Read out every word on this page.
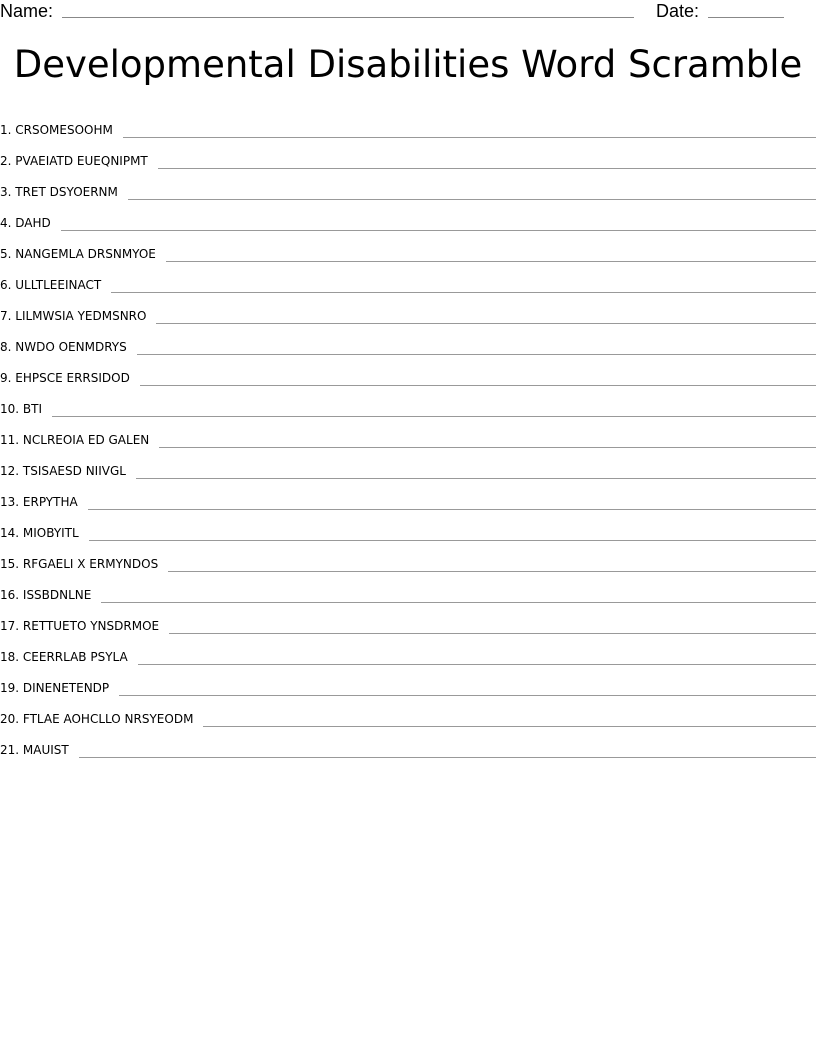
Name:	Date:
Developmental Disabilities Word Scramble
1. CRSOMESOOHM
2. PVAEIATD EUEQNIPMT
3. TRET DSYOERNM
4. DAHD
5. NANGEMLA DRSNMYOE
6. ULLTLEEINACT
7. LILMWSIA YEDMSNRO
8. NWDO OENMDRYS
9. EHPSCE ERRSIDOD
10. BTI
11. NCLREOIA ED GALEN
12. TSISAESD NIIVGL
13. ERPYTHA
14. MIOBYITL
15. RFGAELI X ERMYNDOS
16. ISSBDNLNE
17. RETTUETO YNSDRMOE
18. CEERRLAB PSYLA
19. DINENETENDP
20. FTLAE AOHCLLO NRSYEODM
21. MAUIST
